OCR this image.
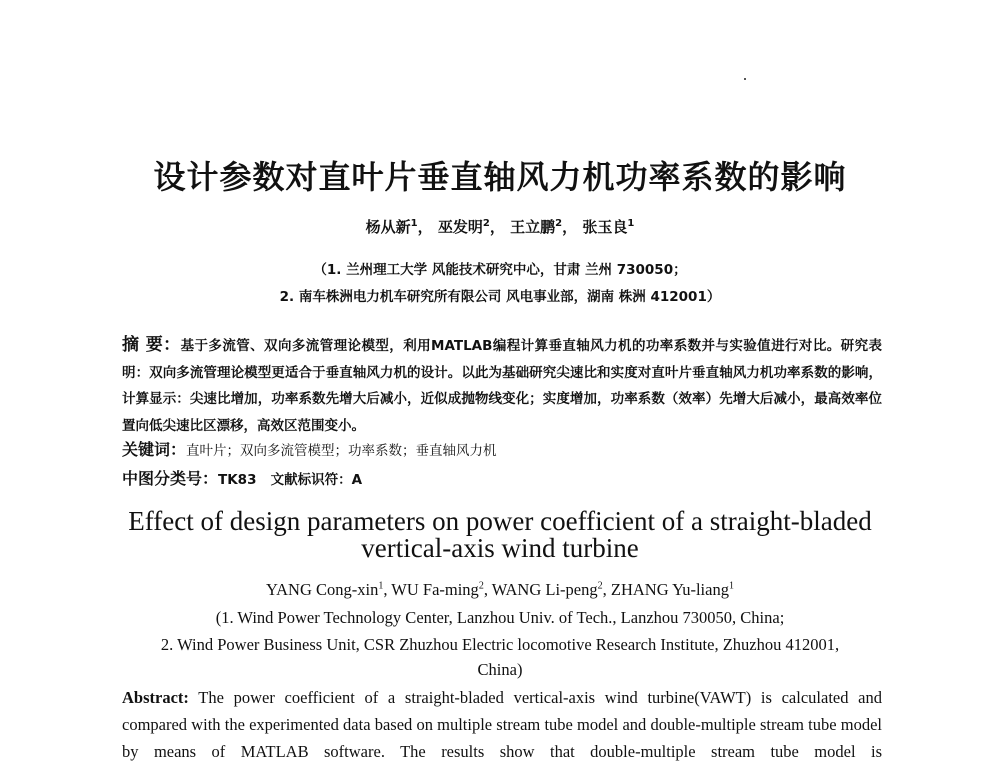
设计参数对直叶片垂直轴风力机功率系数的影响
杨从新$^1$， 巫发明$^2$， 王立鹏$^2$， 张玉良$^1$
（1. 兰州理工大学 风能技术研究中心，甘肃 兰州 730050；
2. 南车株洲电力机车研究所有限公司 风电事业部，湖南 株洲 412001）
摘 要：基于多流管、双向多流管理论模型，利用MATLAB编程计算垂直轴风力机的功率系数并与实验值进行对比。研究表明：双向多流管理论模型更适合于垂直轴风力机的设计。以此为基础研究尖速比和实度对直叶片垂直轴风力机功率系数的影响，计算显示：尖速比增加，功率系数先增大后减小，近似成抛物线变化；实度增加，功率系数（效率）先增大后减小，最高效率位置向低尖速比区漂移，高效区范围变小。
关键词：直叶片；双向多流管模型；功率系数；垂直轴风力机
中图分类号：TK83 文献标识符：A
Effect of design parameters on power coefficient of a straight-bladed
vertical-axis wind turbine
YANG Cong-xin$^1$, WU Fa-ming$^2$, WANG Li-peng$^2$, ZHANG Yu-liang$^1$
(1. Wind Power Technology Center, Lanzhou Univ. of Tech., Lanzhou 730050, China;
2. Wind Power Business Unit, CSR Zhuzhou Electric locomotive Research Institute, Zhuzhou 412001,
China)
Abstract: The power coefficient of a straight-bladed vertical-axis wind turbine(VAWT) is calculated and compared with the experimented data based on multiple stream tube model and double-multiple stream tube model by means of MATLAB software. The results show that double-multiple stream tube model is
